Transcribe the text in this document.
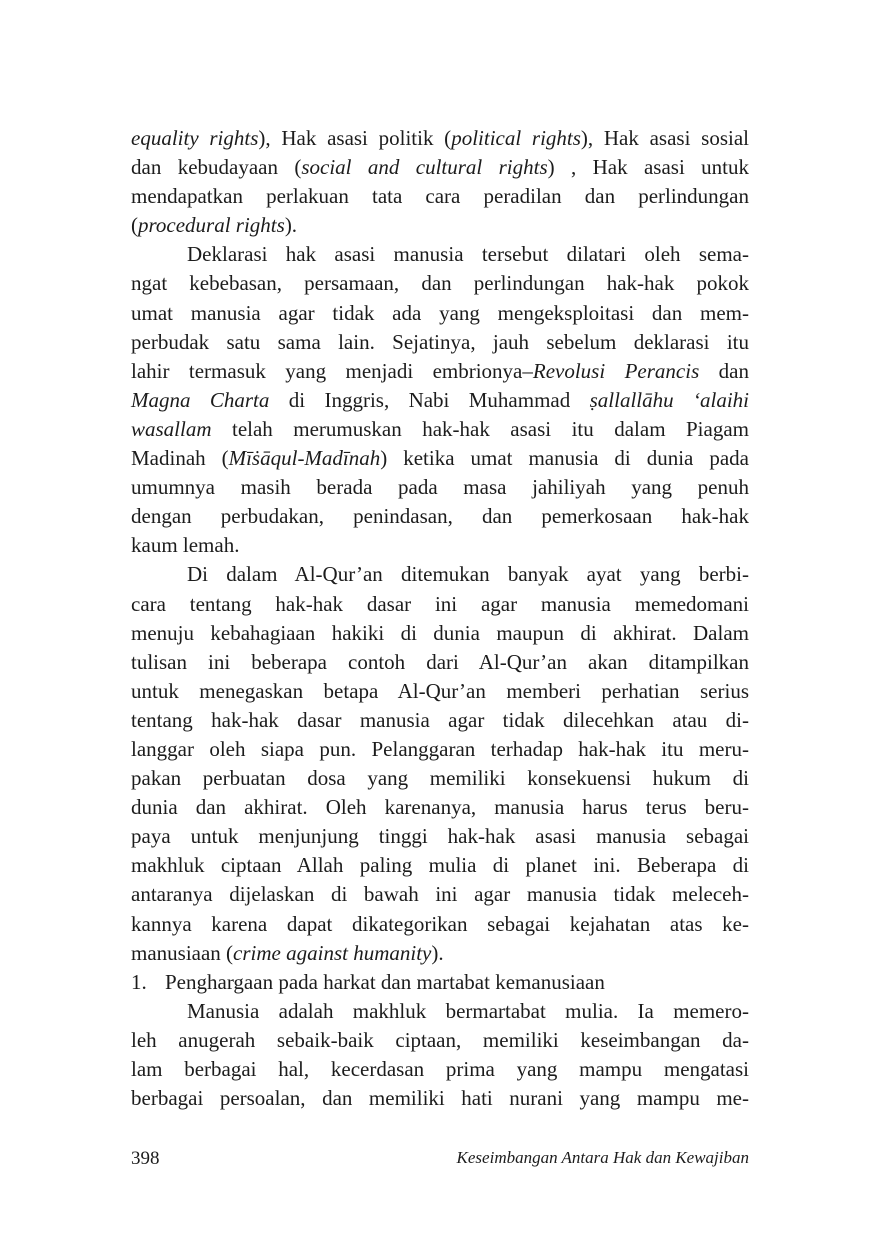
equality rights), Hak asasi politik (political rights), Hak asasi sosial
dan kebudayaan (social and cultural rights) , Hak asasi untuk
mendapatkan perlakuan tata cara peradilan dan perlindungan
(procedural rights).
Deklarasi hak asasi manusia tersebut dilatari oleh sema-
ngat kebebasan, persamaan, dan perlindungan hak-hak pokok
umat manusia agar tidak ada yang mengeksploitasi dan mem-
perbudak satu sama lain. Sejatinya, jauh sebelum deklarasi itu
lahir termasuk yang menjadi embrionya–Revolusi Perancis dan
Magna Charta di Inggris, Nabi Muhammad ṣallallāhu ‘alaihi
wasallam telah merumuskan hak-hak asasi itu dalam Piagam
Madinah (Mīṡāqul-Madīnah) ketika umat manusia di dunia pada
umumnya masih berada pada masa jahiliyah yang penuh
dengan perbudakan, penindasan, dan pemerkosaan hak-hak
kaum lemah.
Di dalam Al-Qur’an ditemukan banyak ayat yang berbi-
cara tentang hak-hak dasar ini agar manusia memedomani
menuju kebahagiaan hakiki di dunia maupun di akhirat. Dalam
tulisan ini beberapa contoh dari Al-Qur’an akan ditampilkan
untuk menegaskan betapa Al-Qur’an memberi perhatian serius
tentang hak-hak dasar manusia agar tidak dilecehkan atau di-
langgar oleh siapa pun. Pelanggaran terhadap hak-hak itu meru-
pakan perbuatan dosa yang memiliki konsekuensi hukum di
dunia dan akhirat. Oleh karenanya, manusia harus terus beru-
paya untuk menjunjung tinggi hak-hak asasi manusia sebagai
makhluk ciptaan Allah paling mulia di planet ini. Beberapa di
antaranya dijelaskan di bawah ini agar manusia tidak meleceh-
kannya karena dapat dikategorikan sebagai kejahatan atas ke-
manusiaan (crime against humanity).
1. Penghargaan pada harkat dan martabat kemanusiaan
Manusia adalah makhluk bermartabat mulia. Ia memero-
leh anugerah sebaik-baik ciptaan, memiliki keseimbangan da-
lam berbagai hal, kecerdasan prima yang mampu mengatasi
berbagai persoalan, dan memiliki hati nurani yang mampu me-
398	Keseimbangan Antara Hak dan Kewajiban
